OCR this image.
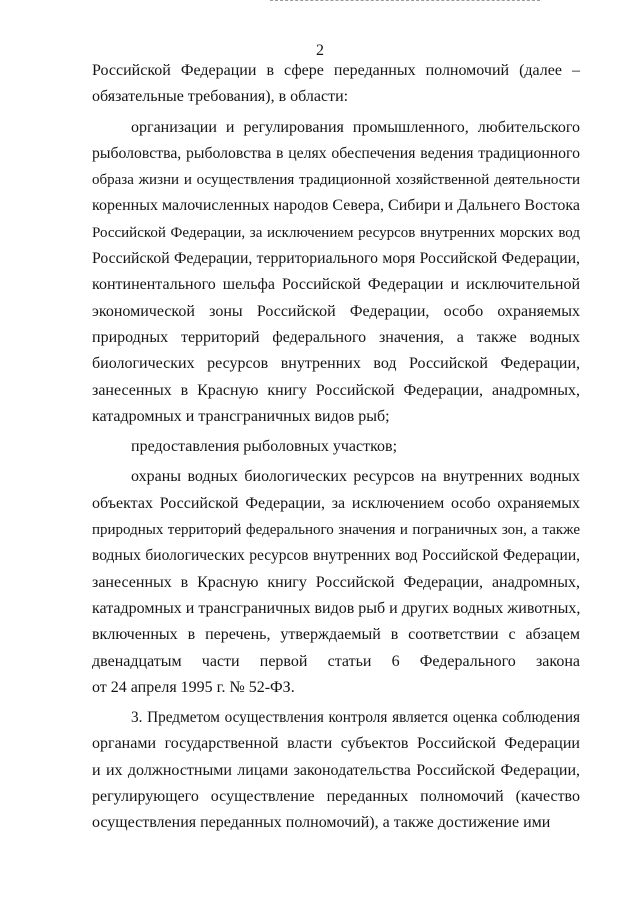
2

Российской Федерации в сфере переданных полномочий (далее –
обязательные требования), в области:

организации и регулирования промышленного, любительского
рыболовства, рыболовства в целях обеспечения ведения традиционного
образа жизни и осуществления традиционной хозяйственной деятельности
коренных малочисленных народов Севера, Сибири и Дальнего Востока
Российской Федерации, за исключением ресурсов внутренних морских вод
Российской Федерации, территориального моря Российской Федерации,
континентального шельфа Российской Федерации и исключительной
экономической зоны Российской Федерации, особо охраняемых
природных территорий федерального значения, а также водных
биологических ресурсов внутренних вод Российской Федерации,
занесенных в Красную книгу Российской Федерации, анадромных,
катадромных и трансграничных видов рыб;

предоставления рыболовных участков;

охраны водных биологических ресурсов на внутренних водных
объектах Российской Федерации, за исключением особо охраняемых
природных территорий федерального значения и пограничных зон, а также
водных биологических ресурсов внутренних вод Российской Федерации,
занесенных в Красную книгу Российской Федерации, анадромных,
катадромных и трансграничных видов рыб и других водных животных,
включенных в перечень, утверждаемый в соответствии с абзацем
двенадцатым части первой статьи 6 Федерального закона
от 24 апреля 1995 г. № 52-ФЗ.

3. Предметом осуществления контроля является оценка соблюдения
органами государственной власти субъектов Российской Федерации
и их должностными лицами законодательства Российской Федерации,
регулирующего осуществление переданных полномочий (качество
осуществления переданных полномочий), а также достижение ими
